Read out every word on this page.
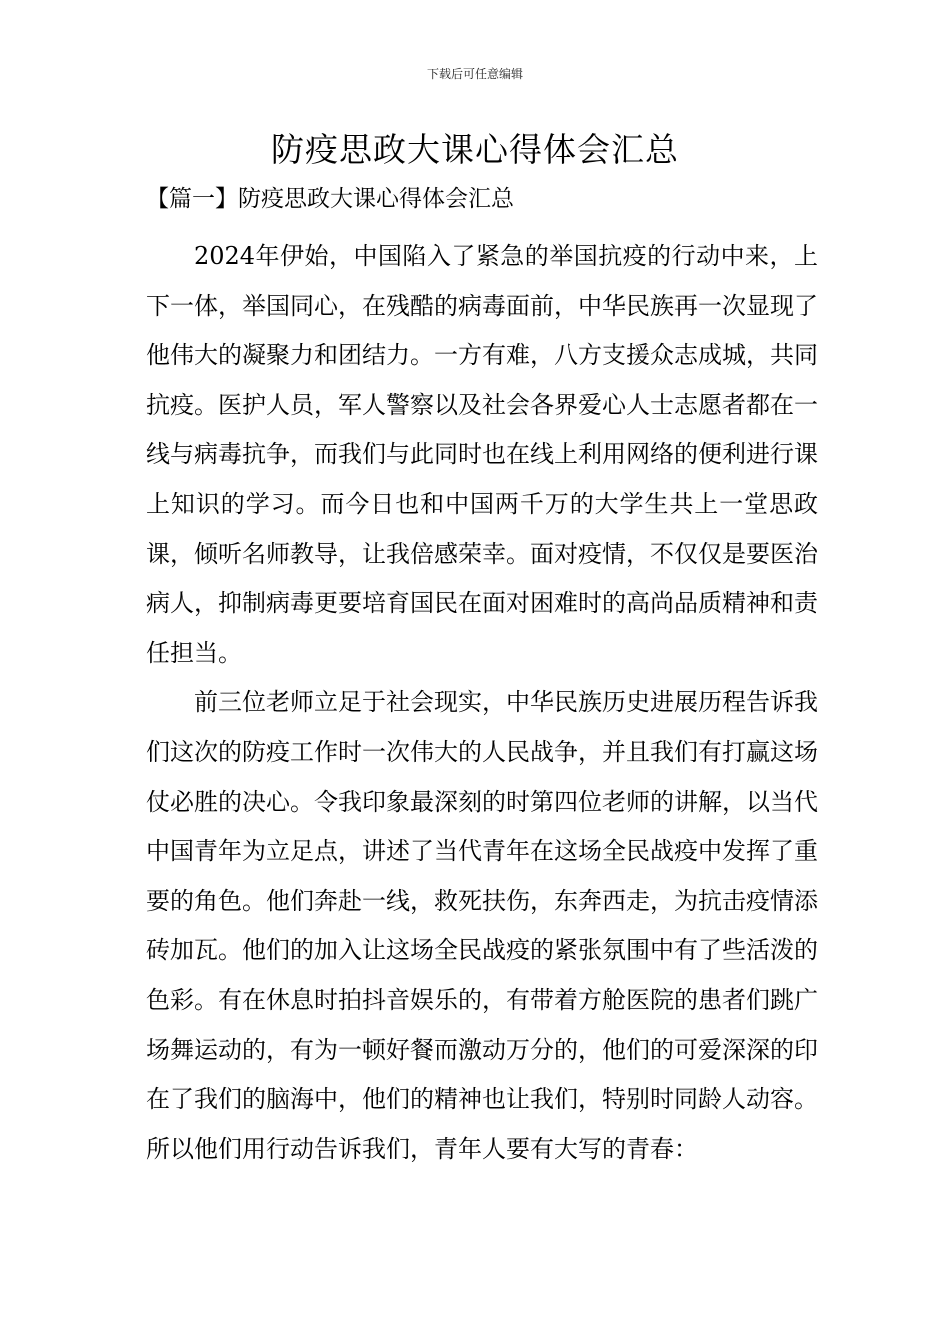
下载后可任意编辑
防疫思政大课心得体会汇总
【篇一】防疫思政大课心得体会汇总

2024年伊始，中国陷入了紧急的举国抗疫的行动中来，上下一体，举国同心，在残酷的病毒面前，中华民族再一次显现了他伟大的凝聚力和团结力。一方有难，八方支援众志成城，共同抗疫。医护人员，军人警察以及社会各界爱心人士志愿者都在一线与病毒抗争，而我们与此同时也在线上利用网络的便利进行课上知识的学习。而今日也和中国两千万的大学生共上一堂思政课，倾听名师教导，让我倍感荣幸。面对疫情，不仅仅是要医治病人，抑制病毒更要培育国民在面对困难时的高尚品质精神和责任担当。

前三位老师立足于社会现实，中华民族历史进展历程告诉我们这次的防疫工作时一次伟大的人民战争，并且我们有打赢这场仗必胜的决心。令我印象最深刻的时第四位老师的讲解，以当代中国青年为立足点，讲述了当代青年在这场全民战疫中发挥了重要的角色。他们奔赴一线，救死扶伤，东奔西走，为抗击疫情添砖加瓦。他们的加入让这场全民战疫的紧张氛围中有了些活泼的色彩。有在休息时拍抖音娱乐的，有带着方舱医院的患者们跳广场舞运动的，有为一顿好餐而激动万分的，他们的可爱深深的印在了我们的脑海中，他们的精神也让我们，特别时同龄人动容。所以他们用行动告诉我们，青年人要有大写的青春：
